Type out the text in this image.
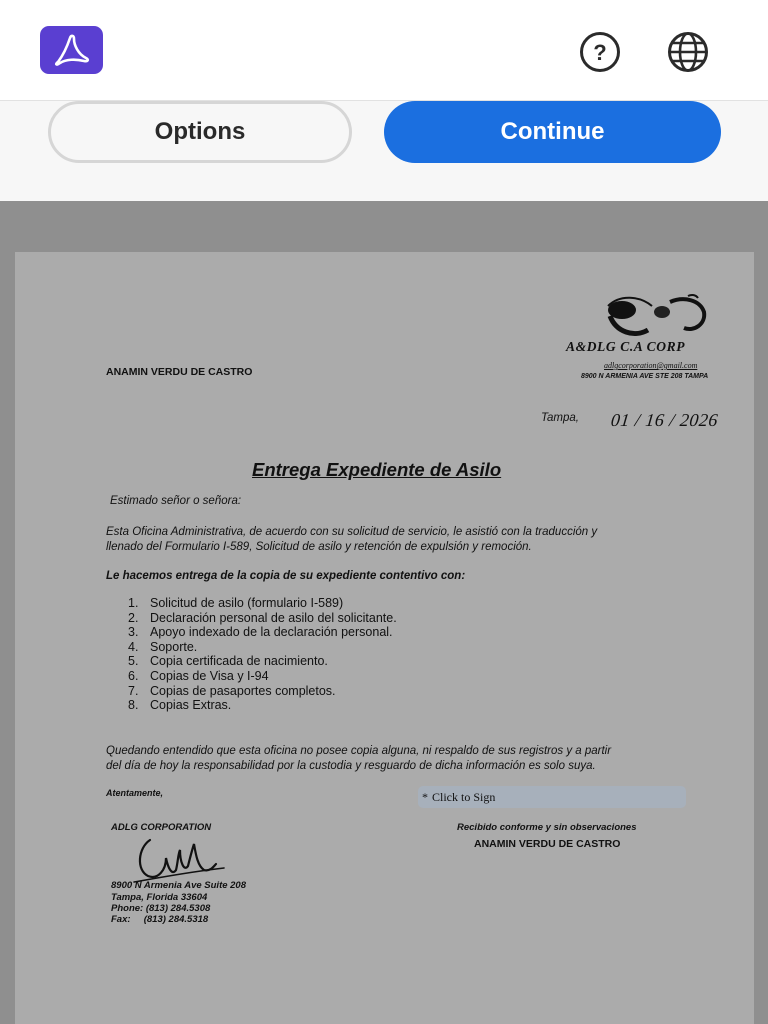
?
Options	Continue
A&DLG C.A CORP
adlgcorporation@gmail.com
8900 N ARMENIA AVE STE 208 TAMPA
ANAMIN VERDU DE CASTRO
Tampa, 01 / 16 / 2026
Entrega Expediente de Asilo
Estimado señor o señora:
Esta Oficina Administrativa, de acuerdo con su solicitud de servicio, le asistió con la traducción y
llenado del Formulario I-589, Solicitud de asilo y retención de expulsión y remoción.
Le hacemos entrega de la copia de su expediente contentivo con:
1. Solicitud de asilo (formulario I-589)
2. Declaración personal de asilo del solicitante.
3. Apoyo indexado de la declaración personal.
4. Soporte.
5. Copia certificada de nacimiento.
6. Copias de Visa y I-94
7. Copias de pasaportes completos.
8. Copias Extras.
Quedando entendido que esta oficina no posee copia alguna, ni respaldo de sus registros y a partir
del día de hoy la responsabilidad por la custodia y resguardo de dicha información es solo suya.
Atentamente,	* Click to Sign
ADLG CORPORATION
8900 N Armenia Ave Suite 208
Tampa, Florida 33604
Phone: (813) 284.5308
Fax:     (813) 284.5318
Recibido conforme y sin observaciones
ANAMIN VERDU DE CASTRO
